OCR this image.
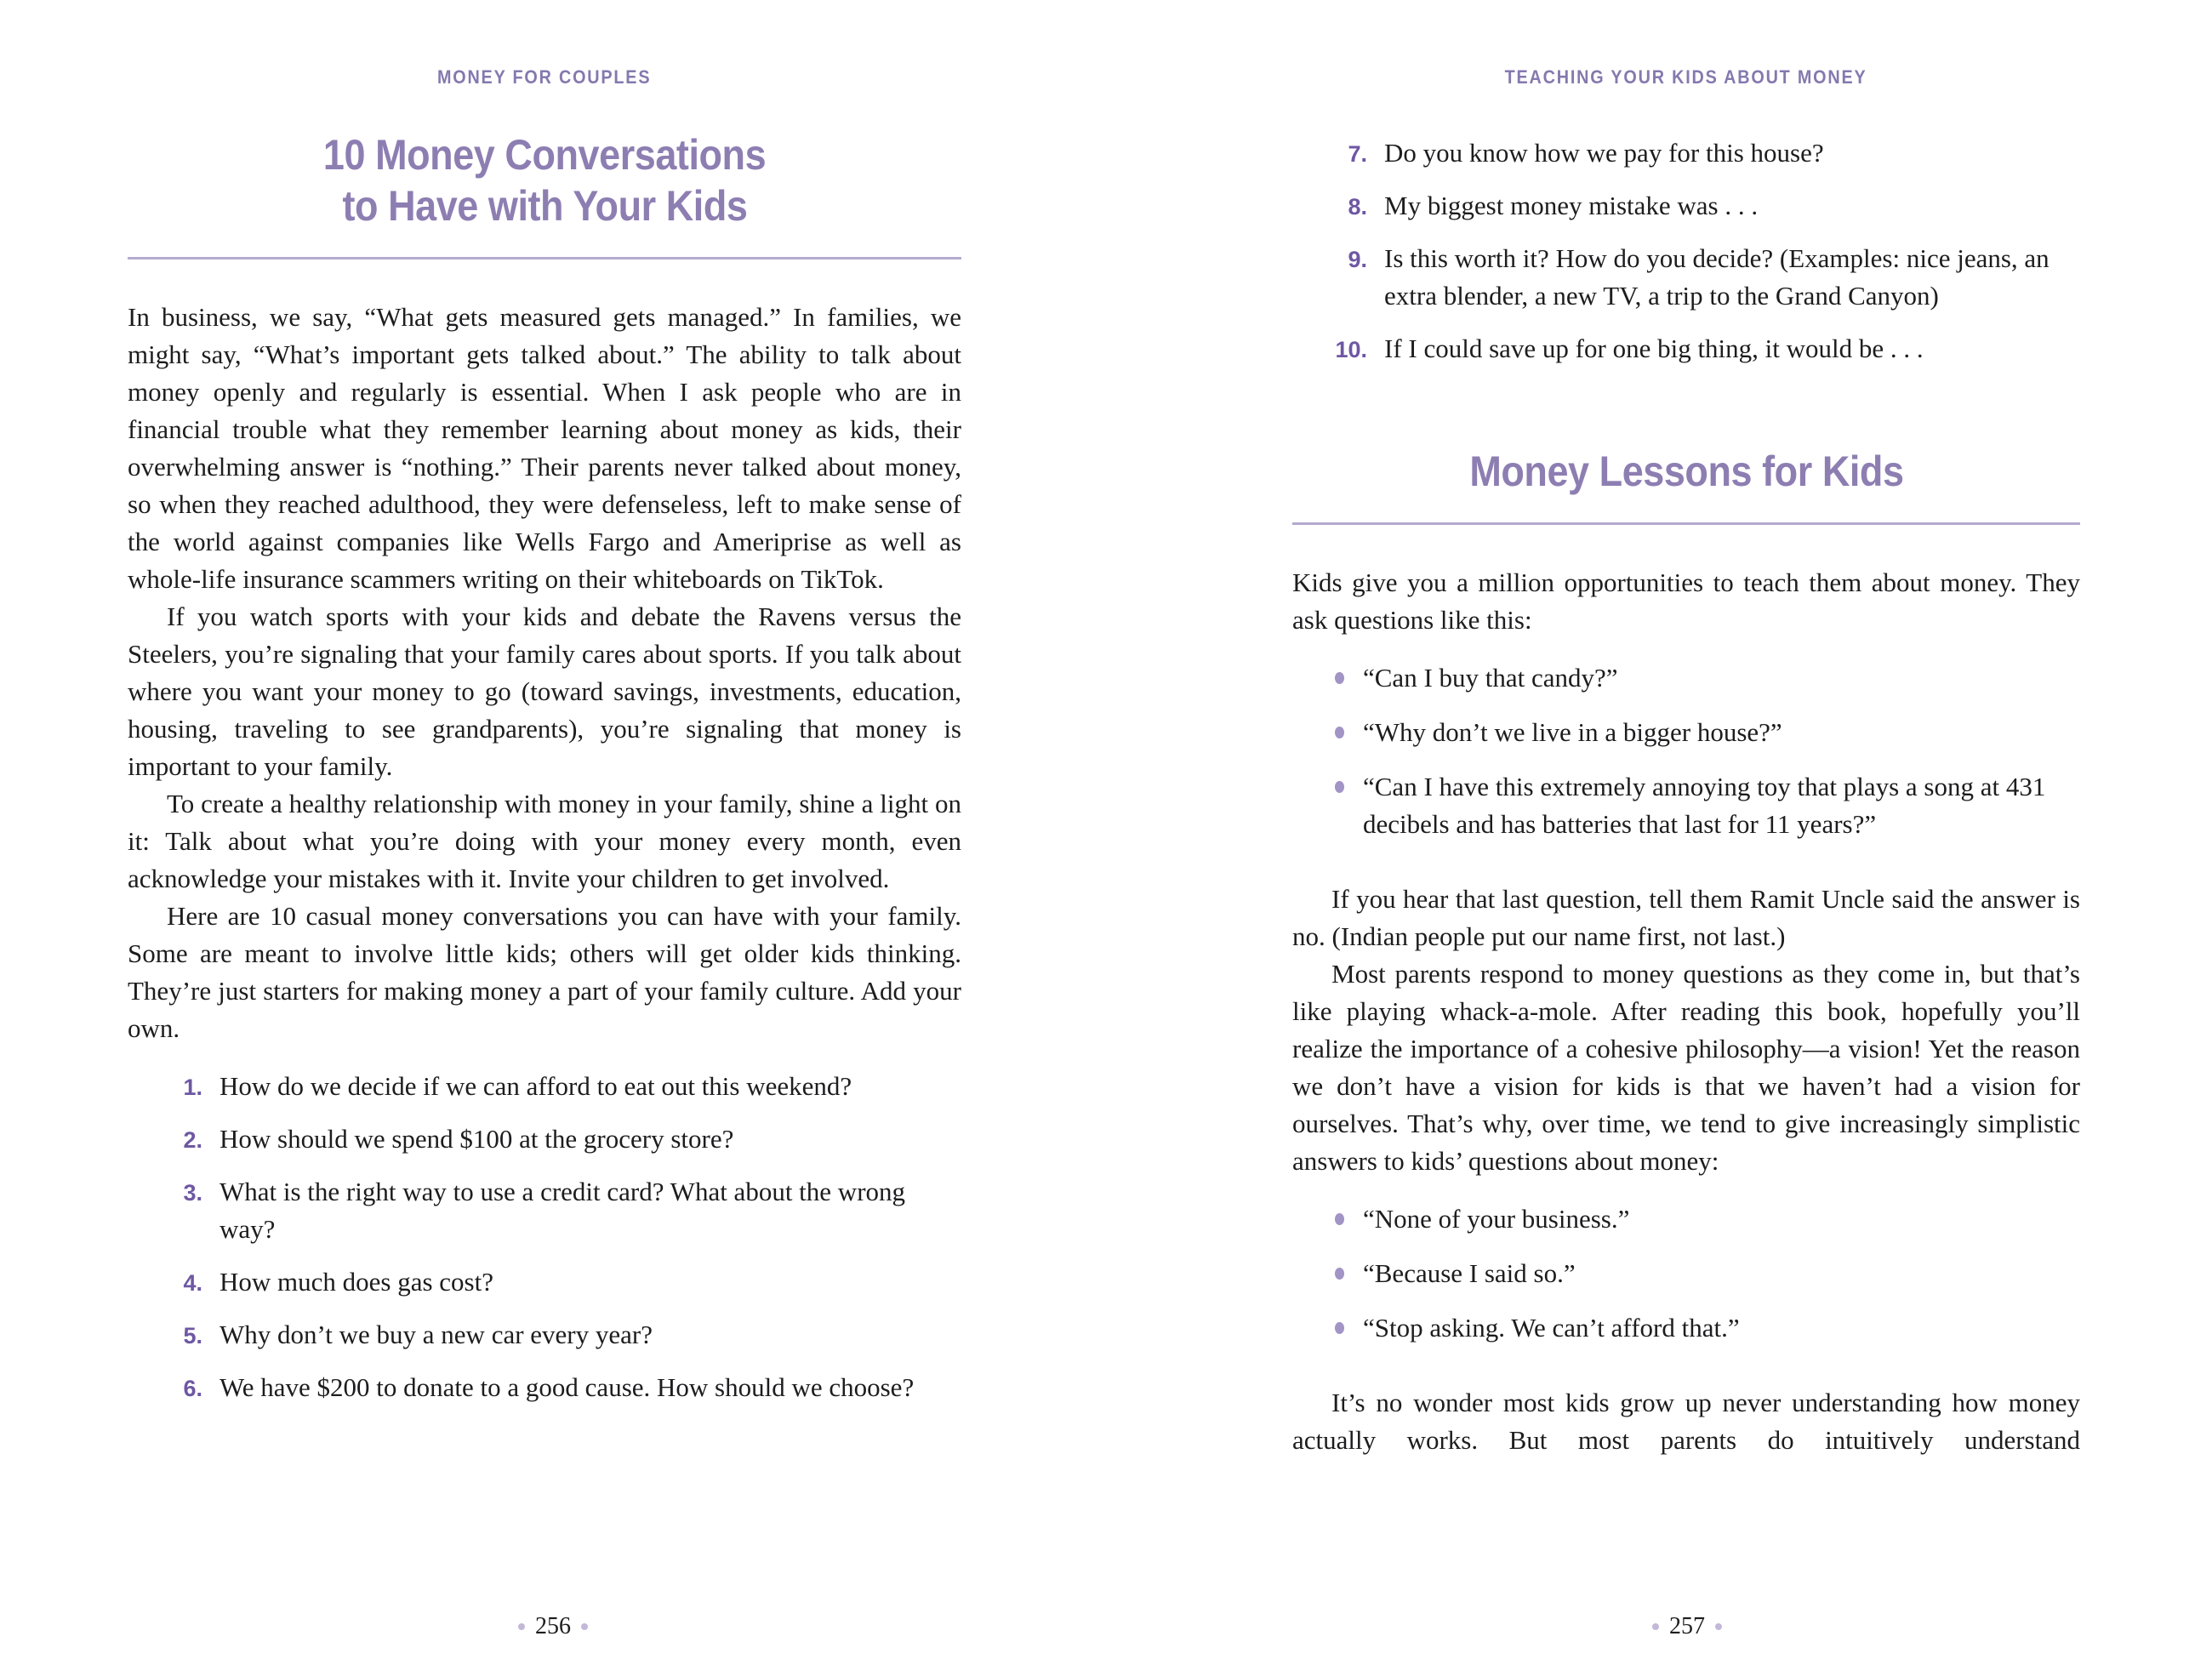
MONEY FOR COUPLES
10 Money Conversations
to Have with Your Kids

In business, we say, “What gets measured gets managed.” In families, we might say, “What’s important gets talked about.” The ability to talk about money openly and regularly is essential. When I ask people who are in financial trouble what they remember learning about money as kids, their overwhelming answer is “nothing.” Their parents never talked about money, so when they reached adulthood, they were defenseless, left to make sense of the world against companies like Wells Fargo and Ameriprise as well as whole-life insurance scammers writing on their whiteboards on TikTok.

If you watch sports with your kids and debate the Ravens versus the Steelers, you’re signaling that your family cares about sports. If you talk about where you want your money to go (toward savings, investments, education, housing, traveling to see grandparents), you’re signaling that money is important to your family.

To create a healthy relationship with money in your family, shine a light on it: Talk about what you’re doing with your money every month, even acknowledge your mistakes with it. Invite your children to get involved.

Here are 10 casual money conversations you can have with your family. Some are meant to involve little kids; others will get older kids thinking. They’re just starters for making money a part of your family culture. Add your own.

1. How do we decide if we can afford to eat out this weekend?
2. How should we spend $100 at the grocery store?
3. What is the right way to use a credit card? What about the wrong way?
4. How much does gas cost?
5. Why don’t we buy a new car every year?
6. We have $200 to donate to a good cause. How should we choose?
256
TEACHING YOUR KIDS ABOUT MONEY
7. Do you know how we pay for this house?
8. My biggest money mistake was . . .
9. Is this worth it? How do you decide? (Examples: nice jeans, an extra blender, a new TV, a trip to the Grand Canyon)
10. If I could save up for one big thing, it would be . . .
Money Lessons for Kids

Kids give you a million opportunities to teach them about money. They ask questions like this:

“Can I buy that candy?”
“Why don’t we live in a bigger house?”
“Can I have this extremely annoying toy that plays a song at 431 decibels and has batteries that last for 11 years?”

If you hear that last question, tell them Ramit Uncle said the answer is no. (Indian people put our name first, not last.)

Most parents respond to money questions as they come in, but that’s like playing whack-a-mole. After reading this book, hopefully you’ll realize the importance of a cohesive philosophy—a vision! Yet the reason we don’t have a vision for kids is that we haven’t had a vision for ourselves. That’s why, over time, we tend to give increasingly simplistic answers to kids’ questions about money:

“None of your business.”
“Because I said so.”
“Stop asking. We can’t afford that.”

It’s no wonder most kids grow up never understanding how money actually works. But most parents do intuitively understand

257
